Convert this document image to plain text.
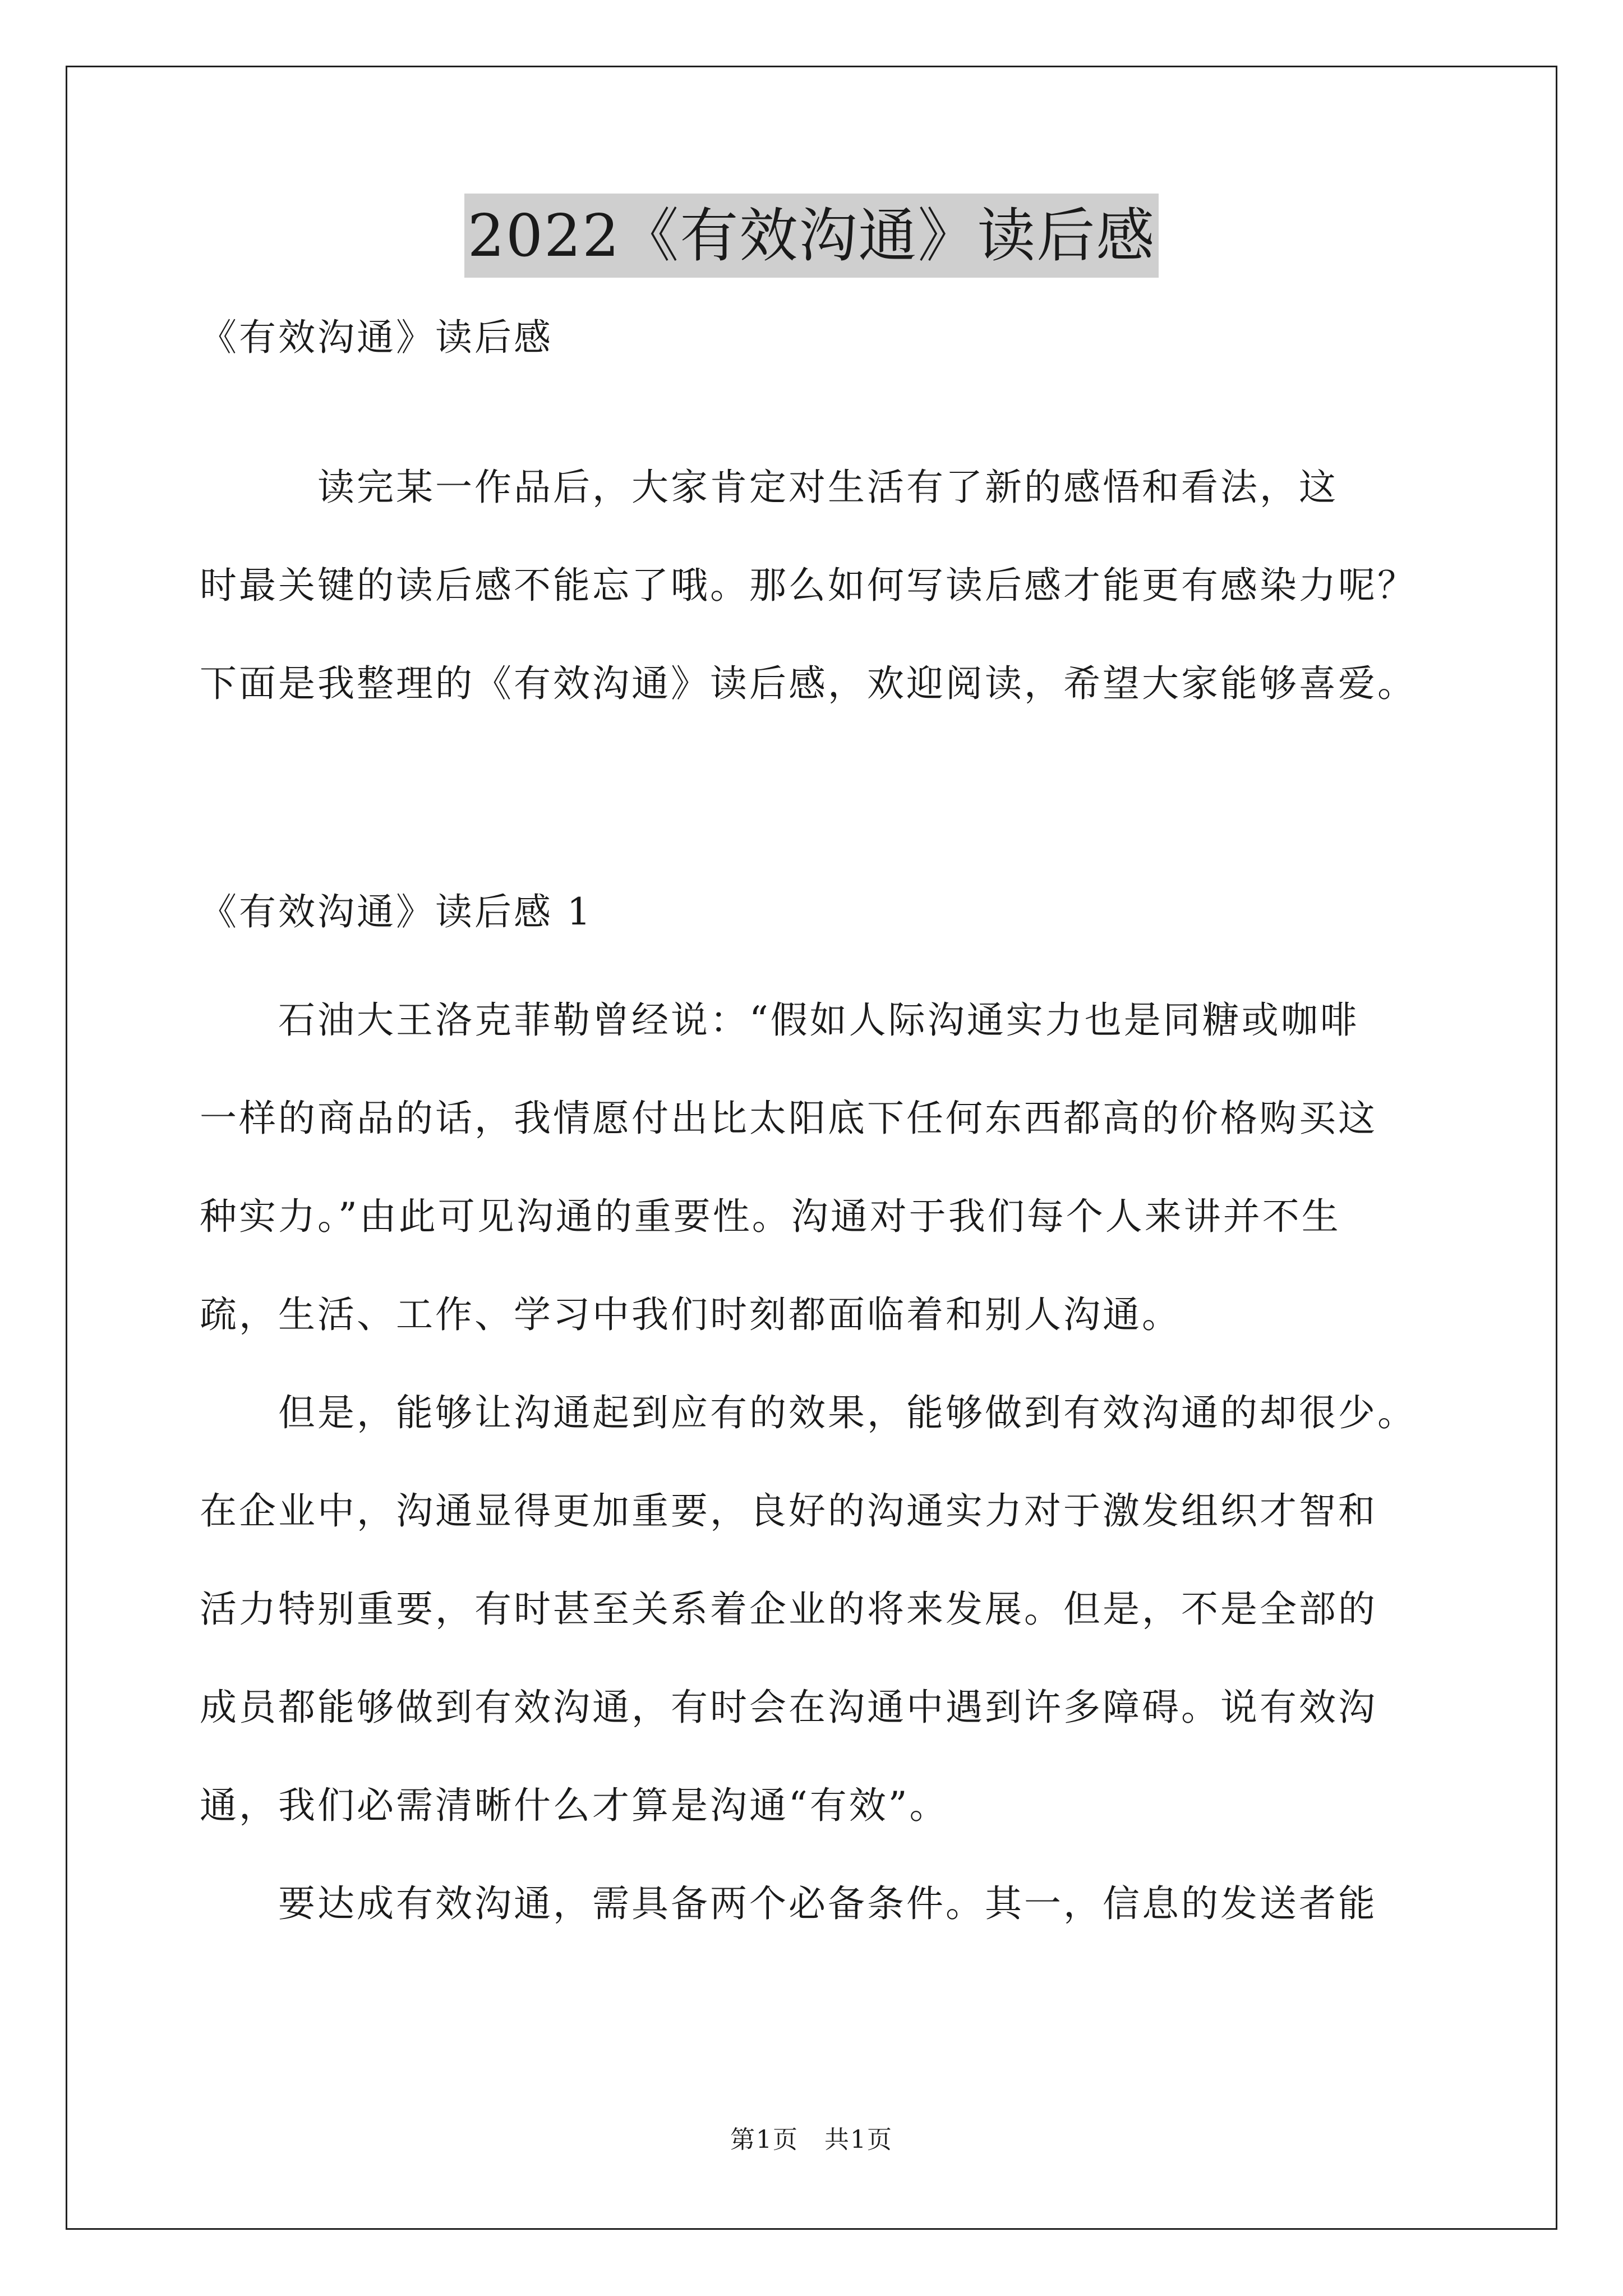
2022《有效沟通》读后感
《有效沟通》读后感
　　　读完某一作品后，大家肯定对生活有了新的感悟和看法，这
时最关键的读后感不能忘了哦。那么如何写读后感才能更有感染力呢？
下面是我整理的《有效沟通》读后感，欢迎阅读，希望大家能够喜爱。
《有效沟通》读后感 1
　　石油大王洛克菲勒曾经说：“假如人际沟通实力也是同糖或咖啡
一样的商品的话，我情愿付出比太阳底下任何东西都高的价格购买这
种实力。”由此可见沟通的重要性。沟通对于我们每个人来讲并不生
疏，生活、工作、学习中我们时刻都面临着和别人沟通。
　　但是，能够让沟通起到应有的效果，能够做到有效沟通的却很少。
在企业中，沟通显得更加重要，良好的沟通实力对于激发组织才智和
活力特别重要，有时甚至关系着企业的将来发展。但是，不是全部的
成员都能够做到有效沟通，有时会在沟通中遇到许多障碍。说有效沟
通，我们必需清晰什么才算是沟通“有效”。
　　要达成有效沟通，需具备两个必备条件。其一，信息的发送者能
第1页　共1页
